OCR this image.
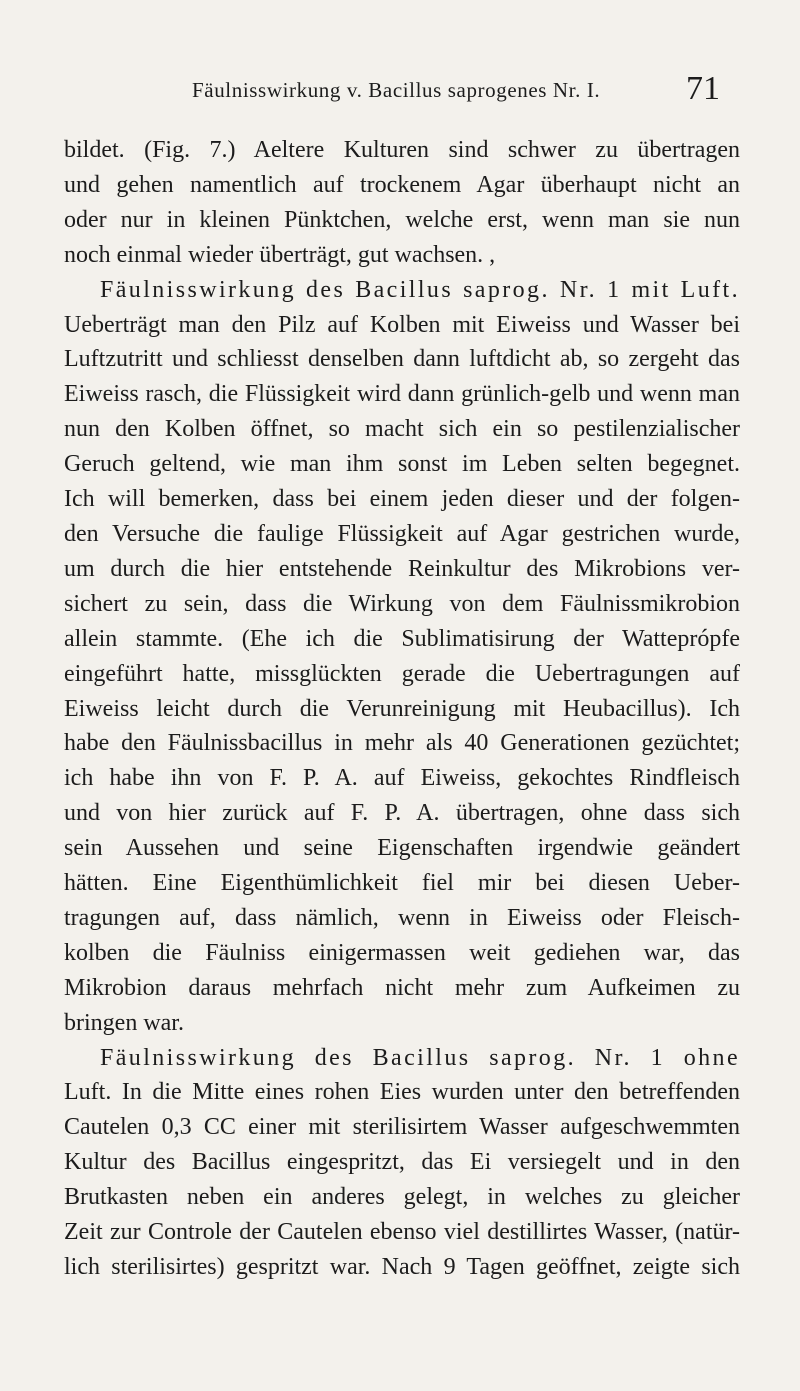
Fäulnisswirkung v. Bacillus saprogenes Nr. I.	71
bildet. (Fig. 7.) Aeltere Kulturen sind schwer zu übertragen
und gehen namentlich auf trockenem Agar überhaupt nicht an
oder nur in kleinen Pünktchen, welche erst, wenn man sie nun
noch einmal wieder überträgt, gut wachsen. ,
Fäulnisswirkung des Bacillus saprog. Nr. 1 mit Luft.
Ueberträgt man den Pilz auf Kolben mit Eiweiss und Wasser bei
Luftzutritt und schliesst denselben dann luftdicht ab, so zergeht das
Eiweiss rasch, die Flüssigkeit wird dann grünlich-gelb und wenn man
nun den Kolben öffnet, so macht sich ein so pestilenzialischer
Geruch geltend, wie man ihm sonst im Leben selten begegnet.
Ich will bemerken, dass bei einem jeden dieser und der folgen-
den Versuche die faulige Flüssigkeit auf Agar gestrichen wurde,
um durch die hier entstehende Reinkultur des Mikrobions ver-
sichert zu sein, dass die Wirkung von dem Fäulnissmikrobion
allein stammte. (Ehe ich die Sublimatisirung der Watteprópfe
eingeführt hatte, missglückten gerade die Uebertragungen auf
Eiweiss leicht durch die Verunreinigung mit Heubacillus). Ich
habe den Fäulnissbacillus in mehr als 40 Generationen gezüchtet;
ich habe ihn von F. P. A. auf Eiweiss, gekochtes Rindfleisch
und von hier zurück auf F. P. A. übertragen, ohne dass sich
sein Aussehen und seine Eigenschaften irgendwie geändert
hätten. Eine Eigenthümlichkeit fiel mir bei diesen Ueber-
tragungen auf, dass nämlich, wenn in Eiweiss oder Fleisch-
kolben die Fäulniss einigermassen weit gediehen war, das
Mikrobion daraus mehrfach nicht mehr zum Aufkeimen zu
bringen war.
Fäulnisswirkung des Bacillus saprog. Nr. 1 ohne
Luft. In die Mitte eines rohen Eies wurden unter den betreffenden
Cautelen 0,3 CC einer mit sterilisirtem Wasser aufgeschwemmten
Kultur des Bacillus eingespritzt, das Ei versiegelt und in den
Brutkasten neben ein anderes gelegt, in welches zu gleicher
Zeit zur Controle der Cautelen ebenso viel destillirtes Wasser, (natür-
lich sterilisirtes) gespritzt war. Nach 9 Tagen geöffnet, zeigte sich
